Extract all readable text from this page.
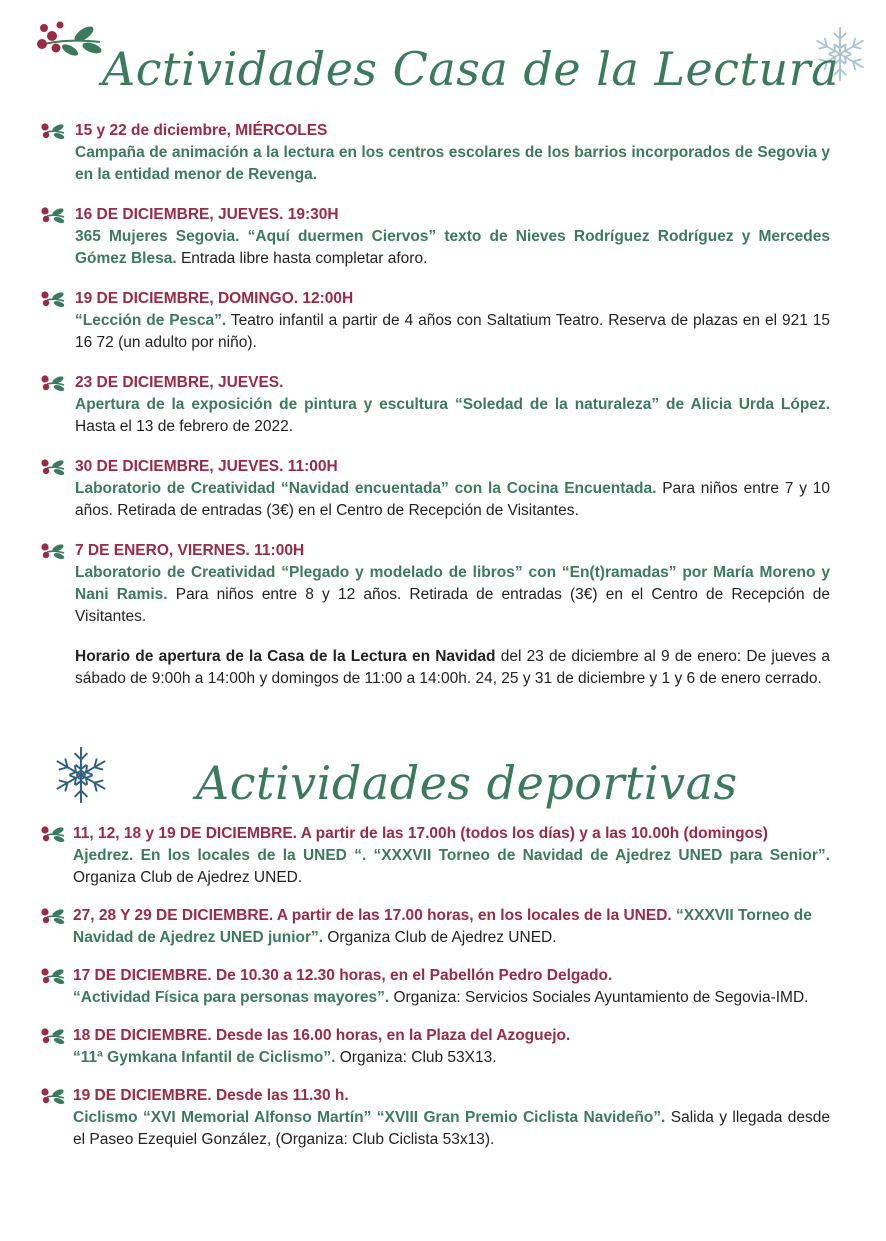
Actividades Casa de la Lectura
15 y 22 de diciembre, MIÉRCOLES
Campaña de animación a la lectura en los centros escolares de los barrios incorporados de Segovia y en la entidad menor de Revenga.
16 DE DICIEMBRE, JUEVES. 19:30H
365 Mujeres Segovia. “Aquí duermen Ciervos” texto de Nieves Rodríguez Rodríguez y Mercedes Gómez Blesa. Entrada libre hasta completar aforo.
19 DE DICIEMBRE, DOMINGO. 12:00H
“Lección de Pesca”. Teatro infantil a partir de 4 años con Saltatium Teatro. Reserva de plazas en el 921 15 16 72 (un adulto por niño).
23 DE DICIEMBRE, JUEVES.
Apertura de la exposición de pintura y escultura “Soledad de la naturaleza” de Alicia Urda López. Hasta el 13 de febrero de 2022.
30 DE DICIEMBRE, JUEVES. 11:00H
Laboratorio de Creatividad “Navidad encuentada” con la Cocina Encuentada. Para niños entre 7 y 10 años. Retirada de entradas (3€) en el Centro de Recepción de Visitantes.
7 DE ENERO, VIERNES. 11:00H
Laboratorio de Creatividad “Plegado y modelado de libros” con “En(t)ramadas” por María Moreno y Nani Ramis. Para niños entre 8 y 12 años. Retirada de entradas (3€) en el Centro de Recepción de Visitantes.
Horario de apertura de la Casa de la Lectura en Navidad del 23 de diciembre al 9 de enero: De jueves a sábado de 9:00h a 14:00h y domingos de 11:00 a 14:00h. 24, 25 y 31 de diciembre y 1 y 6 de enero cerrado.
Actividades deportivas
11, 12, 18 y 19 DE DICIEMBRE. A partir de las 17.00h (todos los días) y a las 10.00h (domingos)
Ajedrez. En los locales de la UNED “. “XXXVII Torneo de Navidad de Ajedrez UNED para Senior”. Organiza Club de Ajedrez UNED.
27, 28 Y 29 DE DICIEMBRE. A partir de las 17.00 horas, en los locales de la UNED. “XXXVII Torneo de Navidad de Ajedrez UNED junior”. Organiza Club de Ajedrez UNED.
17 DE DICIEMBRE. De 10.30 a 12.30 horas, en el Pabellón Pedro Delgado.
“Actividad Física para personas mayores”. Organiza: Servicios Sociales Ayuntamiento de Segovia-IMD.
18 DE DICIEMBRE. Desde las 16.00 horas, en la Plaza del Azoguejo.
“11ª Gymkana Infantil de Ciclismo”. Organiza: Club 53X13.
19 DE DICIEMBRE. Desde las 11.30 h.
Ciclismo “XVI Memorial Alfonso Martín” “XVIII Gran Premio Ciclista Navideño”. Salida y llegada desde el Paseo Ezequiel González, (Organiza: Club Ciclista 53x13).
